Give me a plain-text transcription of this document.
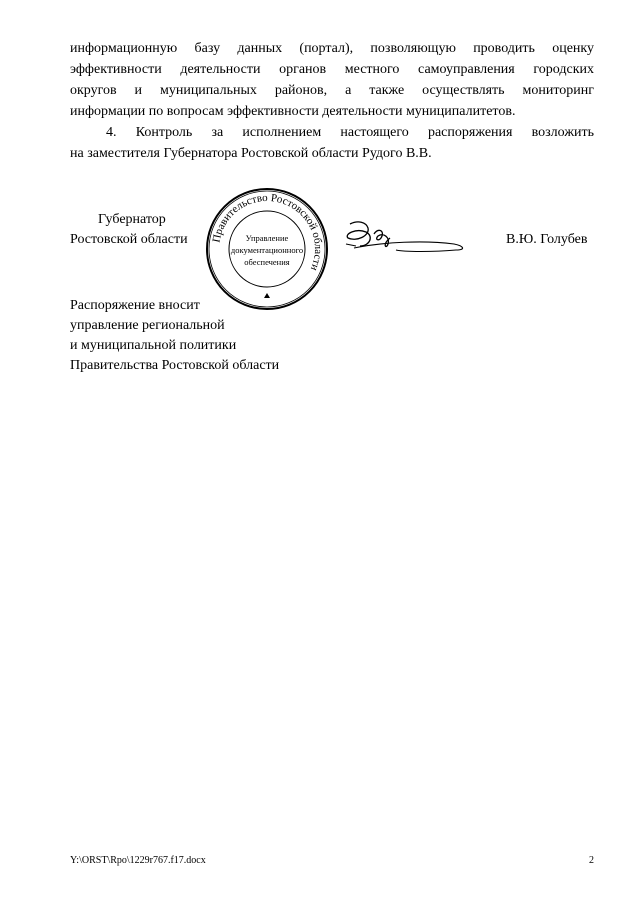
информационную базу данных (портал), позволяющую проводить оценку
эффективности деятельности органов местного самоуправления городских
округов и муниципальных районов, а также осуществлять мониторинг
информации по вопросам эффективности деятельности муниципалитетов.
4. Контроль за исполнением настоящего распоряжения возложить
на заместителя Губернатора Ростовской области Рудого В.В.
Губернатор
Ростовской области Правительство Ростовской области
Управление
документационного
обеспечения
В.Ю. Голубев
Распоряжение вносит
управление региональной
и муниципальной политики
Правительства Ростовской области
Y:\ORST\Rpo\1229r767.f17.docx	2
